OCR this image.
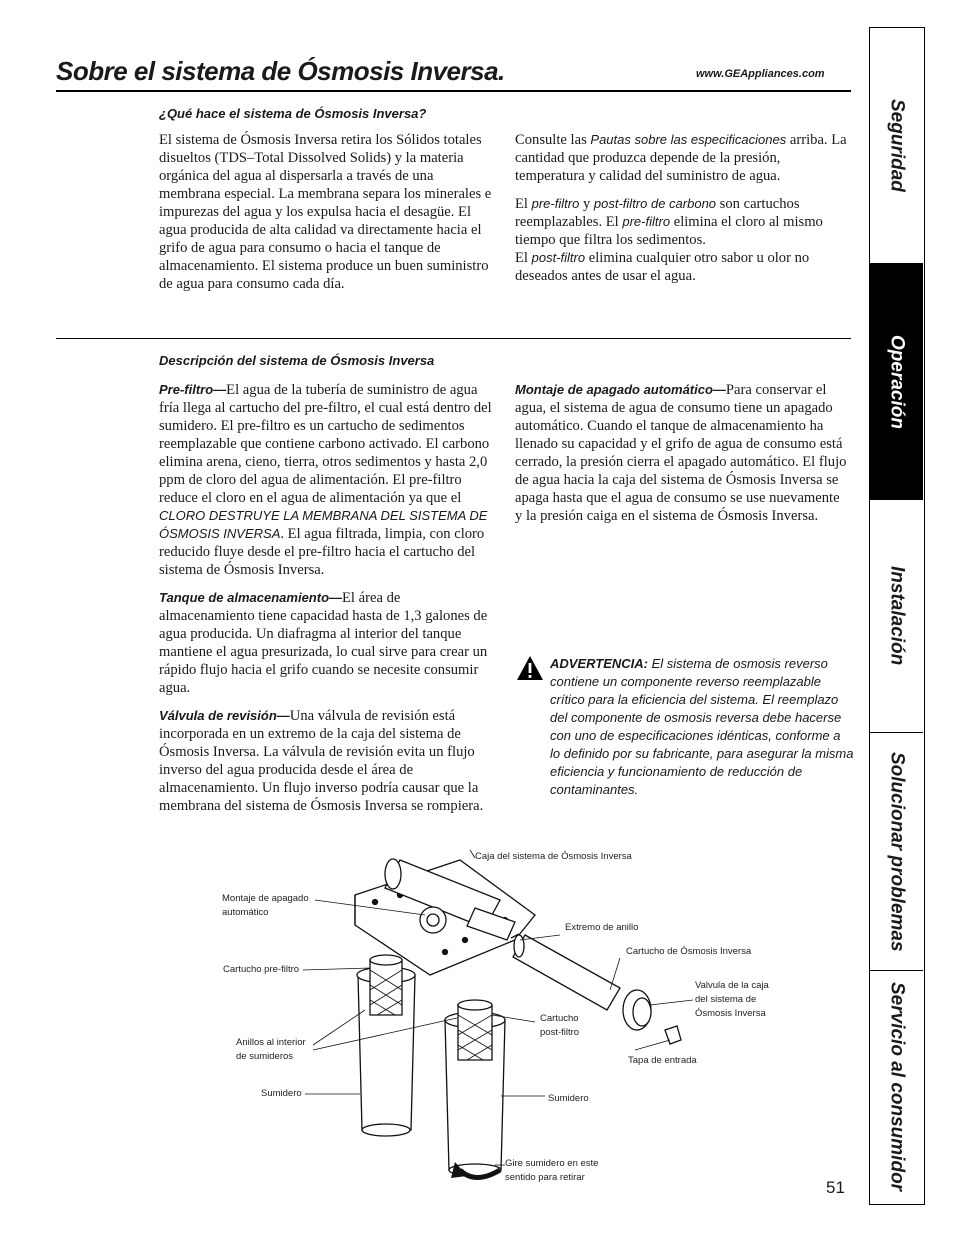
Sobre el sistema de Ósmosis Inversa.	www.GEAppliances.com
¿Qué hace el sistema de Ósmosis Inversa?

El sistema de Ósmosis Inversa retira los Sólidos totales disueltos (TDS–Total Dissolved Solids) y la materia orgánica del agua al dispersarla a través de una membrana especial. La membrana separa los minerales e impurezas del agua y los expulsa hacia el desagüe. El agua producida de alta calidad va directamente hacia el grifo de agua para consumo o hacia el tanque de almacenamiento. El sistema produce un buen suministro de agua para consumo cada día.

Consulte las Pautas sobre las especificaciones arriba. La cantidad que produzca depende de la presión, temperatura y calidad del suministro de agua.

El pre-filtro y post-filtro de carbono son cartuchos reemplazables. El pre-filtro elimina el cloro al mismo tiempo que filtra los sedimentos.

El post-filtro elimina cualquier otro sabor u olor no deseados antes de usar el agua.

Descripción del sistema de Ósmosis Inversa

Pre-filtro—El agua de la tubería de suministro de agua fría llega al cartucho del pre-filtro, el cual está dentro del sumidero. El pre-filtro es un cartucho de sedimentos reemplazable que contiene carbono activado. El carbono elimina arena, cieno, tierra, otros sedimentos y hasta 2,0 ppm de cloro del agua de alimentación. El pre-filtro reduce el cloro en el agua de alimentación ya que el CLORO DESTRUYE LA MEMBRANA DEL SISTEMA DE ÓSMOSIS INVERSA. El agua filtrada, limpia, con cloro reducido fluye desde el pre-filtro hacia el cartucho del sistema de Ósmosis Inversa.

Tanque de almacenamiento—El área de almacenamiento tiene capacidad hasta de 1,3 galones de agua producida. Un diafragma al interior del tanque mantiene el agua presurizada, lo cual sirve para crear un rápido flujo hacia el grifo cuando se necesite consumir agua.

Válvula de revisión—Una válvula de revisión está incorporada en un extremo de la caja del sistema de Ósmosis Inversa. La válvula de revisión evita un flujo inverso del agua producida desde el área de almacenamiento. Un flujo inverso podría causar que la membrana del sistema de Ósmosis Inversa se rompiera.

Montaje de apagado automático—Para conservar el agua, el sistema de agua de consumo tiene un apagado automático. Cuando el tanque de almacenamiento ha llenado su capacidad y el grifo de agua de consumo está cerrado, la presión cierra el apagado automático. El flujo de agua hacia la caja del sistema de Ósmosis Inversa se apaga hasta que el agua de consumo se use nuevamente y la presión caiga en el sistema de Ósmosis Inversa.

ADVERTENCIA: El sistema de osmosis reverso contiene un componente reverso reemplazable crítico para la eficiencia del sistema. El reemplazo del componente de osmosis reversa debe hacerse con uno de especificaciones idénticas, conforme a lo definido por su fabricante, para asegurar la misma eficiencia y funcionamiento de reducción de contaminantes.
Caja del sistema de Ósmosis Inversa
Montaje de apagado
automático
Extremo de anillo
Cartucho de Ósmosis Inversa
Cartucho pre-filtro
Valvula de la caja
del sistema de
Ósmosis Inversa
Cartucho
post-filtro
Anillos al interior
de sumideros	Tapa de entrada
Sumidero	Sumidero
Gire sumidero en este
sentido para retirar
Seguridad
Operación
Instalación
Solucionar problemas
Servicio al consumidor
51
